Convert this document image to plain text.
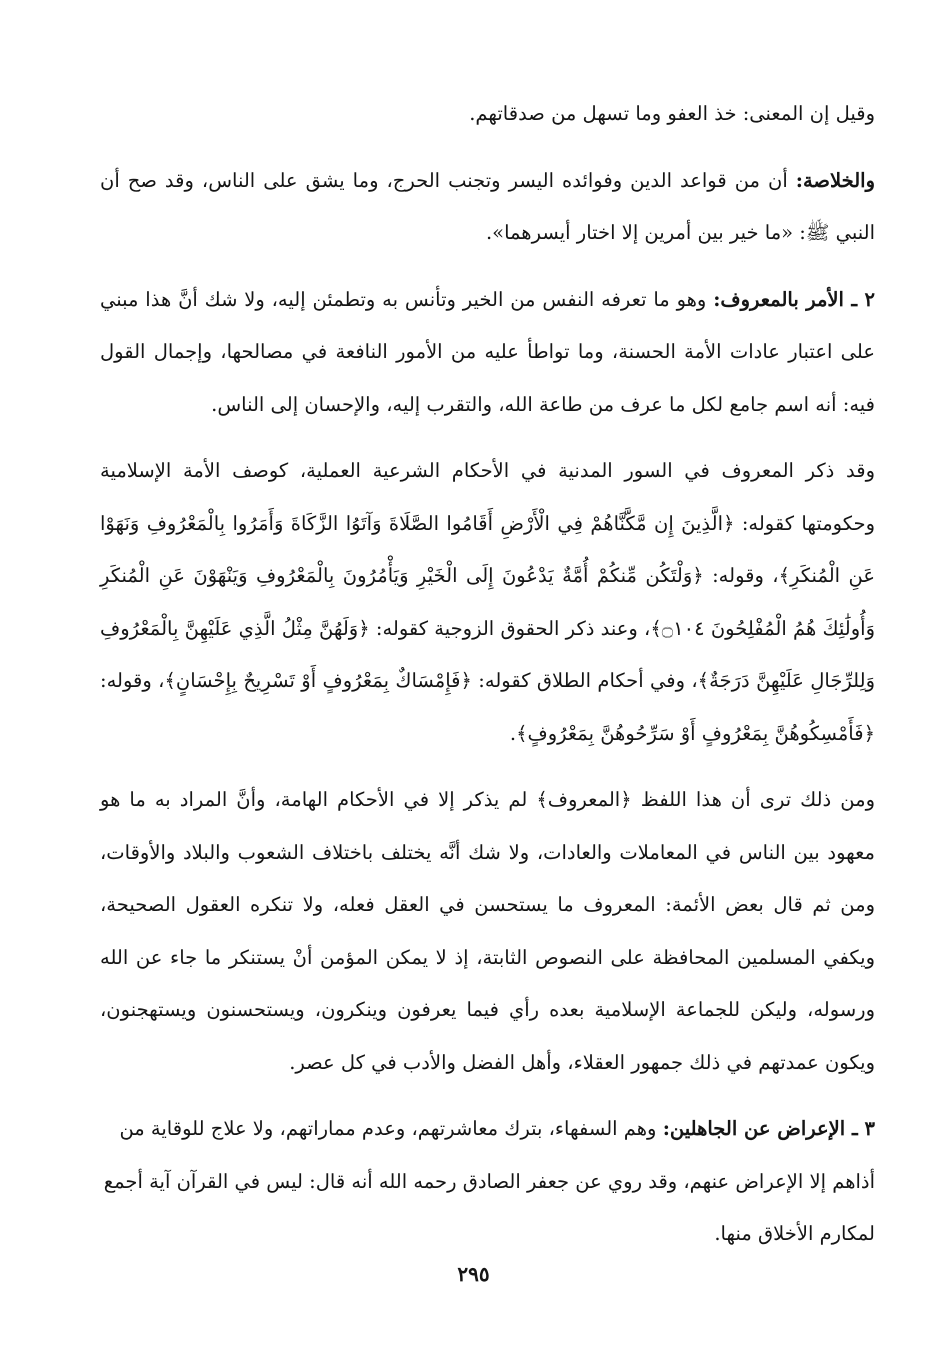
وقيل إن المعنى: خذ العفو وما تسهل من صدقاتهم.

والخلاصة: أن من قواعد الدين وفوائده اليسر وتجنب الحرج، وما يشق على الناس، وقد صح أن النبي ﷺ: «ما خير بين أمرين إلا اختار أيسرهما».

٢ ـ الأمر بالمعروف: وهو ما تعرفه النفس من الخير وتأنس به وتطمئن إليه، ولا شك أنَّ هذا مبني على اعتبار عادات الأمة الحسنة، وما تواطأ عليه من الأمور النافعة في مصالحها، وإجمال القول فيه: أنه اسم جامع لكل ما عرف من طاعة الله، والتقرب إليه، والإحسان إلى الناس.

وقد ذكر المعروف في السور المدنية في الأحكام الشرعية العملية، كوصف الأمة الإسلامية وحكومتها كقوله: ﴿الَّذِينَ إِن مَّكَّنَّاهُمْ فِي الْأَرْضِ أَقَامُوا الصَّلَاةَ وَآتَوُا الزَّكَاةَ وَأَمَرُوا بِالْمَعْرُوفِ وَنَهَوْا عَنِ الْمُنكَرِ﴾، وقوله: ﴿وَلْتَكُن مِّنكُمْ أُمَّةٌ يَدْعُونَ إِلَى الْخَيْرِ وَيَأْمُرُونَ بِالْمَعْرُوفِ وَيَنْهَوْنَ عَنِ الْمُنكَرِ وَأُولَٰئِكَ هُمُ الْمُفْلِحُونَ ۝١٠٤﴾، وعند ذكر الحقوق الزوجية كقوله: ﴿وَلَهُنَّ مِثْلُ الَّذِي عَلَيْهِنَّ بِالْمَعْرُوفِ وَلِلرِّجَالِ عَلَيْهِنَّ دَرَجَةٌ﴾، وفي أحكام الطلاق كقوله: ﴿فَإِمْسَاكٌ بِمَعْرُوفٍ أَوْ تَسْرِيحٌ بِإِحْسَانٍ﴾، وقوله: ﴿فَأَمْسِكُوهُنَّ بِمَعْرُوفٍ أَوْ سَرِّحُوهُنَّ بِمَعْرُوفٍ﴾.

ومن ذلك ترى أن هذا اللفظ ﴿المعروف﴾ لم يذكر إلا في الأحكام الهامة، وأنَّ المراد به ما هو معهود بين الناس في المعاملات والعادات، ولا شك أنَّه يختلف باختلاف الشعوب والبلاد والأوقات، ومن ثم قال بعض الأئمة: المعروف ما يستحسن في العقل فعله، ولا تنكره العقول الصحيحة، ويكفي المسلمين المحافظة على النصوص الثابتة، إذ لا يمكن المؤمن أنْ يستنكر ما جاء عن الله ورسوله، وليكن للجماعة الإسلامية بعده رأي فيما يعرفون وينكرون، ويستحسنون ويستهجنون، ويكون عمدتهم في ذلك جمهور العقلاء، وأهل الفضل والأدب في كل عصر.

٣ ـ الإعراض عن الجاهلين: وهم السفهاء، بترك معاشرتهم، وعدم مماراتهم، ولا علاج للوقاية من أذاهم إلا الإعراض عنهم، وقد روي عن جعفر الصادق رحمه الله أنه قال: ليس في القرآن آية أجمع لمكارم الأخلاق منها.

٢٩٥
